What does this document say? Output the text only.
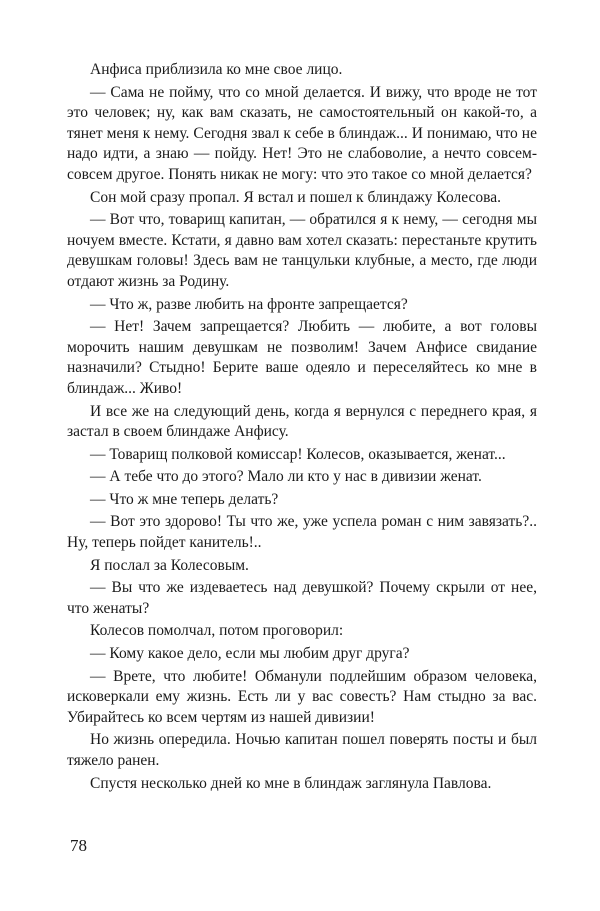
Анфиса приблизила ко мне свое лицо.

— Сама не пойму, что со мной делается. И вижу, что вроде не тот это человек; ну, как вам сказать, не самостоятельный он какой-то, а тянет меня к нему. Сегодня звал к себе в блиндаж... И понимаю, что не надо идти, а знаю — пойду. Нет! Это не слабоволие, а нечто совсем-совсем другое. Понять никак не могу: что это такое со мной делается?

Сон мой сразу пропал. Я встал и пошел к блиндажу Колесова.

— Вот что, товарищ капитан, — обратился я к нему, — сегодня мы ночуем вместе. Кстати, я давно вам хотел сказать: перестаньте крутить девушкам головы! Здесь вам не танцульки клубные, а место, где люди отдают жизнь за Родину.

— Что ж, разве любить на фронте запрещается?

— Нет! Зачем запрещается? Любить — любите, а вот головы морочить нашим девушкам не позволим! Зачем Анфисе свидание назначили? Стыдно! Берите ваше одеяло и переселяйтесь ко мне в блиндаж... Живо!

И все же на следующий день, когда я вернулся с переднего края, я застал в своем блиндаже Анфису.

— Товарищ полковой комиссар! Колесов, оказывается, женат...

— А тебе что до этого? Мало ли кто у нас в дивизии женат.

— Что ж мне теперь делать?

— Вот это здорово! Ты что же, уже успела роман с ним завязать?.. Ну, теперь пойдет канитель!..

Я послал за Колесовым.

— Вы что же издеваетесь над девушкой? Почему скрыли от нее, что женаты?

Колесов помолчал, потом проговорил:

— Кому какое дело, если мы любим друг друга?

— Врете, что любите! Обманули подлейшим образом человека, исковеркали ему жизнь. Есть ли у вас совесть? Нам стыдно за вас. Убирайтесь ко всем чертям из нашей дивизии!

Но жизнь опередила. Ночью капитан пошел поверять посты и был тяжело ранен.

Спустя несколько дней ко мне в блиндаж заглянула Павлова.

78
